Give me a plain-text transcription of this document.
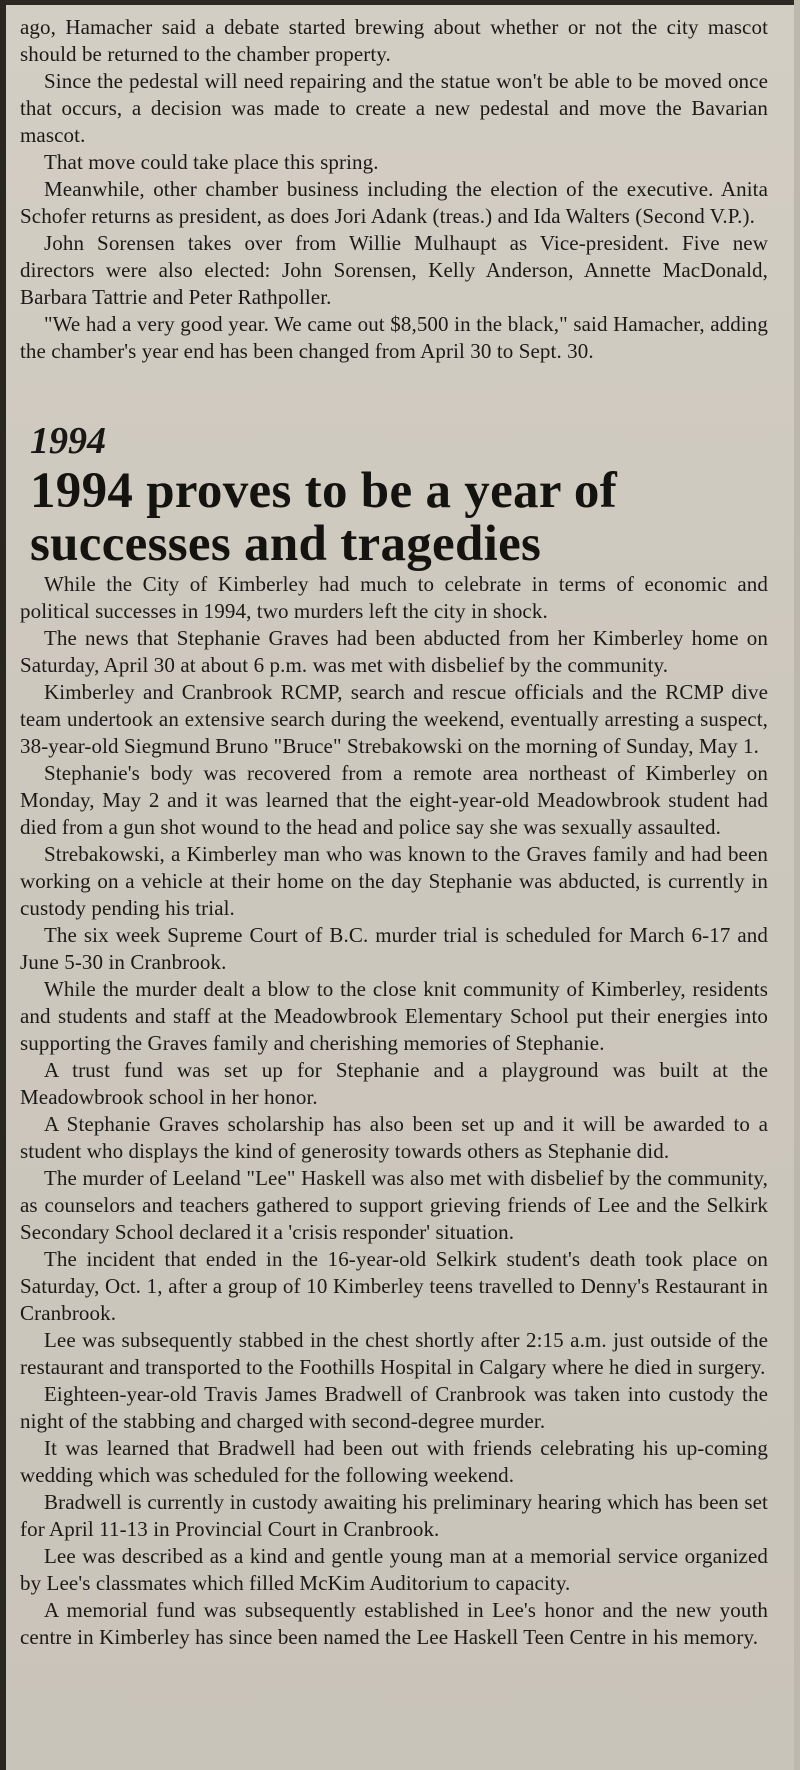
ago, Hamacher said a debate started brewing about whether or not the city mascot should be returned to the chamber property.

Since the pedestal will need repairing and the statue won't be able to be moved once that occurs, a decision was made to create a new pedestal and move the Bavarian mascot.

That move could take place this spring.

Meanwhile, other chamber business including the election of the executive. Anita Schofer returns as president, as does Jori Adank (treas.) and Ida Walters (Second V.P.).

John Sorensen takes over from Willie Mulhaupt as Vice-president. Five new directors were also elected: John Sorensen, Kelly Anderson, Annette MacDonald, Barbara Tattrie and Peter Rathpoller.

"We had a very good year. We came out $8,500 in the black," said Hamacher, adding the chamber's year end has been changed from April 30 to Sept. 30.

1994
1994 proves to be a year of successes and tragedies

While the City of Kimberley had much to celebrate in terms of economic and political successes in 1994, two murders left the city in shock.

The news that Stephanie Graves had been abducted from her Kimberley home on Saturday, April 30 at about 6 p.m. was met with disbelief by the community.

Kimberley and Cranbrook RCMP, search and rescue officials and the RCMP dive team undertook an extensive search during the weekend, eventually arresting a suspect, 38-year-old Siegmund Bruno "Bruce" Strebakowski on the morning of Sunday, May 1.

Stephanie's body was recovered from a remote area northeast of Kimberley on Monday, May 2 and it was learned that the eight-year-old Meadowbrook student had died from a gun shot wound to the head and police say she was sexually assaulted.

Strebakowski, a Kimberley man who was known to the Graves family and had been working on a vehicle at their home on the day Stephanie was abducted, is currently in custody pending his trial.

The six week Supreme Court of B.C. murder trial is scheduled for March 6-17 and June 5-30 in Cranbrook.

While the murder dealt a blow to the close knit community of Kimberley, residents and students and staff at the Meadowbrook Elementary School put their energies into supporting the Graves family and cherishing memories of Stephanie.

A trust fund was set up for Stephanie and a playground was built at the Meadowbrook school in her honor.

A Stephanie Graves scholarship has also been set up and it will be awarded to a student who displays the kind of generosity towards others as Stephanie did.

The murder of Leeland "Lee" Haskell was also met with disbelief by the community, as counselors and teachers gathered to support grieving friends of Lee and the Selkirk Secondary School declared it a 'crisis responder' situation.

The incident that ended in the 16-year-old Selkirk student's death took place on Saturday, Oct. 1, after a group of 10 Kimberley teens travelled to Denny's Restaurant in Cranbrook.

Lee was subsequently stabbed in the chest shortly after 2:15 a.m. just outside of the restaurant and transported to the Foothills Hospital in Calgary where he died in surgery.

Eighteen-year-old Travis James Bradwell of Cranbrook was taken into custody the night of the stabbing and charged with second-degree murder.

It was learned that Bradwell had been out with friends celebrating his up-coming wedding which was scheduled for the following weekend.

Bradwell is currently in custody awaiting his preliminary hearing which has been set for April 11-13 in Provincial Court in Cranbrook.

Lee was described as a kind and gentle young man at a memorial service organized by Lee's classmates which filled McKim Auditorium to capacity.

A memorial fund was subsequently established in Lee's honor and the new youth centre in Kimberley has since been named the Lee Haskell Teen Centre in his memory.
